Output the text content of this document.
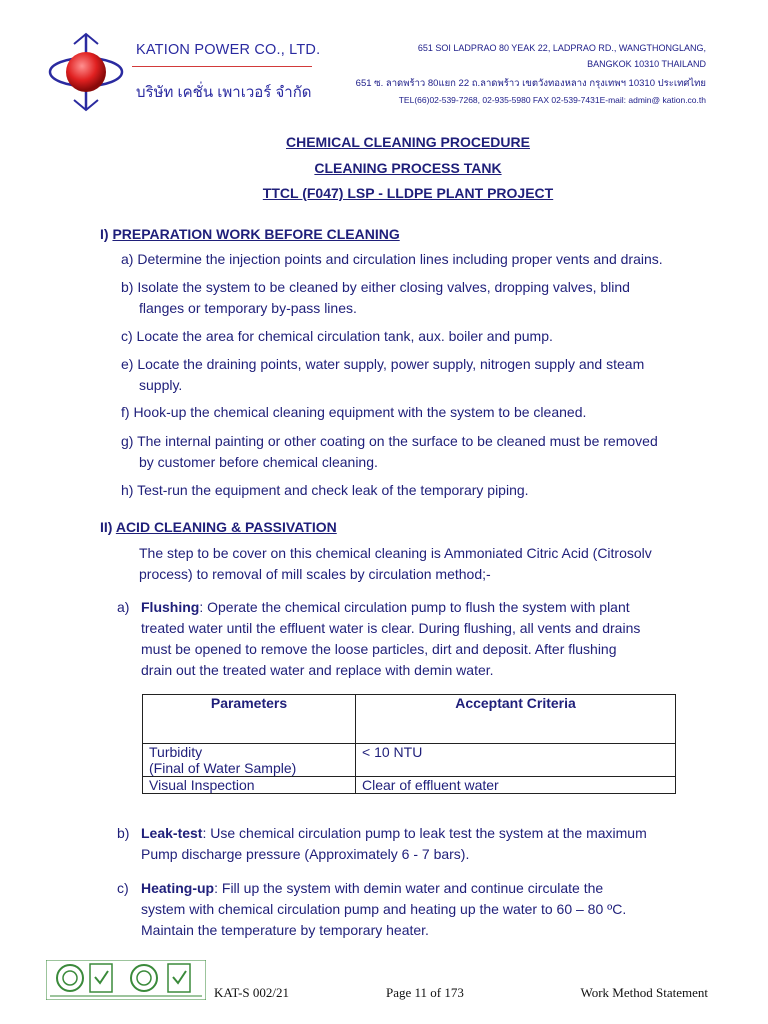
KATION POWER CO., LTD.
บริษัท เคชั่น เพาเวอร์ จำกัด
651 SOI LADPRAO 80 YEAK 22, LADPRAO RD., WANGTHONGLANG,
BANGKOK 10310 THAILAND
651 ซ. ลาดพร้าว 80แยก 22 ถ.ลาดพร้าว เขตวังทองหลาง กรุงเทพฯ 10310 ประเทศไทย
TEL(66)02-539-7268, 02-935-5980 FAX 02-539-7431E-mail: admin@ kation.co.th
CHEMICAL CLEANING PROCEDURE
CLEANING PROCESS TANK
TTCL (F047) LSP - LLDPE PLANT PROJECT
I) PREPARATION WORK BEFORE CLEANING
a) Determine the injection points and circulation lines including proper vents and drains.
b) Isolate the system to be cleaned by either closing valves, dropping valves, blind
flanges or temporary by-pass lines.
c) Locate the area for chemical circulation tank, aux. boiler and pump.
e) Locate the draining points, water supply, power supply, nitrogen supply and steam
supply.
f) Hook-up the chemical cleaning equipment with the system to be cleaned.
g) The internal painting or other coating on the surface to be cleaned must be removed
by customer before chemical cleaning.
h) Test-run the equipment and check leak of the temporary piping.
II) ACID CLEANING & PASSIVATION
The step to be cover on this chemical cleaning is Ammoniated Citric Acid (Citrosolv
process) to removal of mill scales by circulation method;-
a) Flushing: Operate the chemical circulation pump to flush the system with plant
treated water until the effluent water is clear. During flushing, all vents and drains
must be opened to remove the loose particles, dirt and deposit. After flushing
drain out the treated water and replace with demin water.
Parameters	Acceptant Criteria

Turbidity
(Final of Water Sample)	< 10 NTU
Visual Inspection	Clear of effluent water
b) Leak-test: Use chemical circulation pump to leak test the system at the maximum
Pump discharge pressure (Approximately 6 - 7 bars).
c) Heating-up: Fill up the system with demin water and continue circulate the
system with chemical circulation pump and heating up the water to 60 – 80 ºC.
Maintain the temperature by temporary heater.
KAT-S 002/21	Page 11 of 173	Work Method Statement
